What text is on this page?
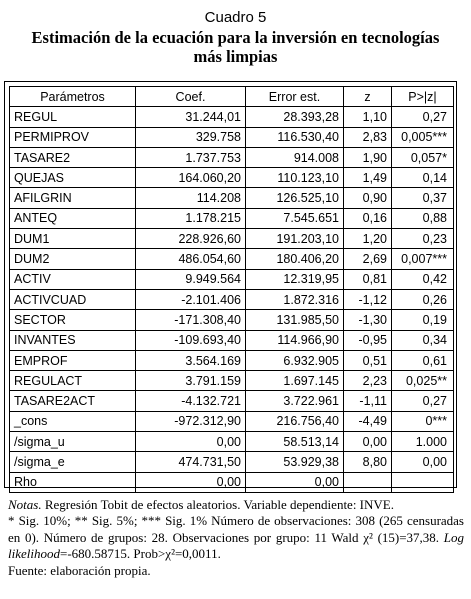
Cuadro 5
Estimación de la ecuación para la inversión en tecnologías
más limpias
Parámetros	Coef.	Error est.	z	P>|z|
REGUL	31.244,01	28.393,28	1,10	0,27
PERMIPROV	329.758	116.530,40	2,83	0,005***
TASARE2	1.737.753	914.008	1,90	0,057*
QUEJAS	164.060,20	110.123,10	1,49	0,14
AFILGRIN	114.208	126.525,10	0,90	0,37
ANTEQ	1.178.215	7.545.651	0,16	0,88
DUM1	228.926,60	191.203,10	1,20	0,23
DUM2	486.054,60	180.406,20	2,69	0,007***
ACTIV	9.949.564	12.319,95	0,81	0,42
ACTIVCUAD	-2.101.406	1.872.316	-1,12	0,26
SECTOR	-171.308,40	131.985,50	-1,30	0,19
INVANTES	-109.693,40	114.966,90	-0,95	0,34
EMPROF	3.564.169	6.932.905	0,51	0,61
REGULACT	3.791.159	1.697.145	2,23	0,025**
TASARE2ACT	-4.132.721	3.722.961	-1,11	0,27
_cons	-972.312,90	216.756,40	-4,49	0***
/sigma_u	0,00	58.513,14	0,00	1.000
/sigma_e	474.731,50	53.929,38	8,80	0,00
Rho	0,00	0,00		
Notas. Regresión Tobit de efectos aleatorios. Variable dependiente: INVE.
* Sig. 10%; ** Sig. 5%; *** Sig. 1% Número de observaciones: 308 (265 censuradas en 0). Número de grupos: 28. Observaciones por grupo: 11 Wald χ² (15)=37,38. Log likelihood=-680.58715. Prob>χ²=0,0011.
Fuente: elaboración propia.
